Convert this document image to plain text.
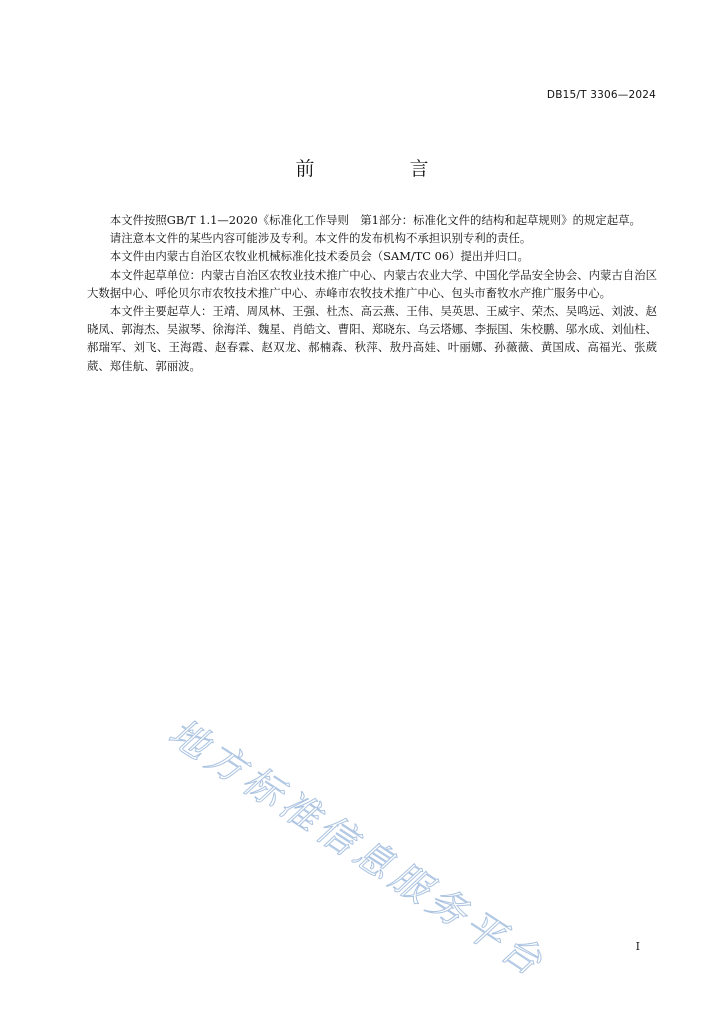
DB15/T 3306—2024
前　言

本文件按照GB/T 1.1—2020《标准化工作导则　第1部分：标准化文件的结构和起草规则》的规定起草。

请注意本文件的某些内容可能涉及专利。本文件的发布机构不承担识别专利的责任。

本文件由内蒙古自治区农牧业机械标准化技术委员会（SAM/TC 06）提出并归口。

本文件起草单位：内蒙古自治区农牧业技术推广中心、内蒙古农业大学、中国化学品安全协会、内蒙古自治区大数据中心、呼伦贝尔市农牧技术推广中心、赤峰市农牧技术推广中心、包头市畜牧水产推广服务中心。

本文件主要起草人：王靖、周凤林、王强、杜杰、高云燕、王伟、吴英思、王威宇、荣杰、吴鸣远、刘波、赵晓凤、郭海杰、吴淑琴、徐海洋、魏星、肖皓文、曹阳、郑晓东、乌云塔娜、李振国、朱校鹏、邬水成、刘仙柱、郝瑞军、刘飞、王海霞、赵春霖、赵双龙、郝楠森、秋萍、敖丹高娃、叶丽娜、孙薇薇、黄国成、高福光、张葳葳、郑佳航、郭丽波。

地方标准信息服务平台	I
